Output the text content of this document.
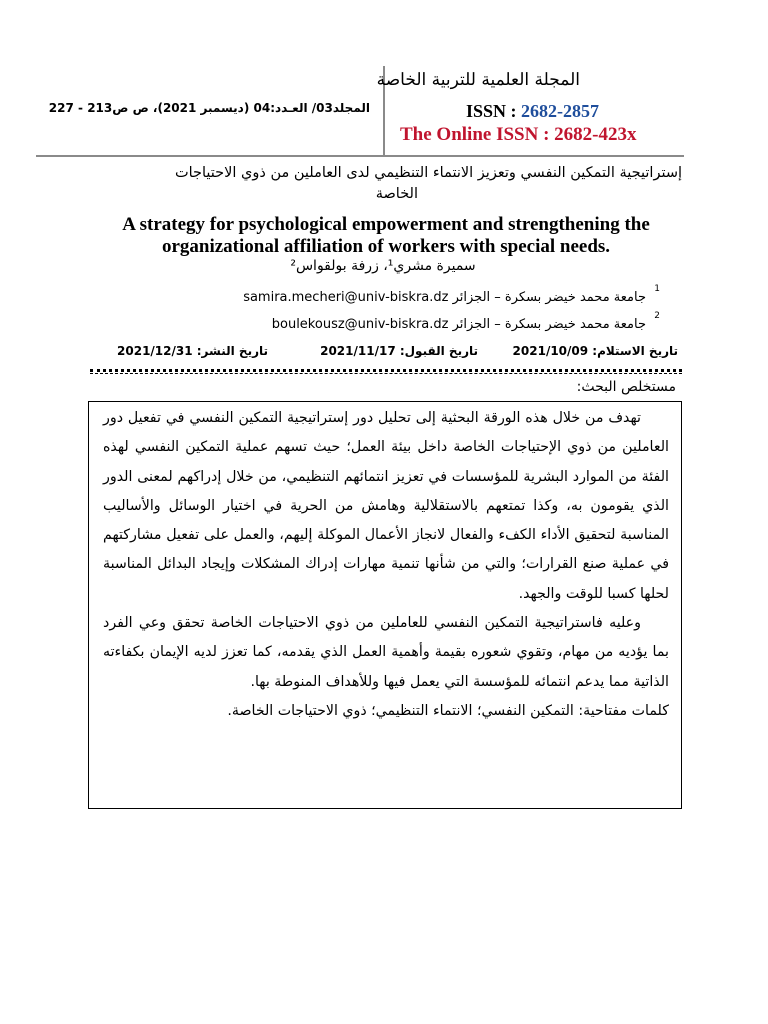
المجلة العلمية للتربية الخاصة
ISSN : 2682-2857
The Online ISSN : 2682-423x
المجلد03/ العـدد:04 (ديسمبر 2021)، ص ص213 - 227
إستراتيجية التمكين النفسي وتعزيز الانتماء التنظيمي لدى العاملين من ذوي الاحتياجات
الخاصة
A strategy for psychological empowerment and strengthening the organizational affiliation of workers with special needs.
سميرة مشري¹، زرفة بولقواس²
1
جامعة محمد خيضر بسكرة – الجزائر samira.mecheri@univ-biskra.dz
2
جامعة محمد خيضر بسكرة – الجزائر boulekousz@univ-biskra.dz
تاريخ الاستلام: 2021/10/09
تاريخ القبول: 2021/11/17
تاريخ النشر: 2021/12/31
مستخلص البحث:

تهدف من خلال هذه الورقة البحثية إلى تحليل دور إستراتيجية التمكين النفسي في تفعيل دور العاملين من ذوي الإحتياجات الخاصة داخل بيئة العمل؛ حيث تسهم عملية التمكين النفسي لهذه الفئة من الموارد البشرية للمؤسسات في تعزيز انتمائهم التنظيمي، من خلال إدراكهم لمعنى الدور الذي يقومون به، وكذا تمتعهم بالاستقلالية وهامش من الحرية في اختيار الوسائل والأساليب المناسبة لتحقيق الأداء الكفء والفعال لانجاز الأعمال الموكلة إليهم، والعمل على تفعيل مشاركتهم في عملية صنع القرارات؛ والتي من شأنها تنمية مهارات إدراك المشكلات وإيجاد البدائل المناسبة لحلها كسبا للوقت والجهد.

وعليه فاستراتيجية التمكين النفسي للعاملين من ذوي الاحتياجات الخاصة تحقق وعي الفرد بما يؤديه من مهام، وتقوي شعوره بقيمة وأهمية العمل الذي يقدمه، كما تعزز لديه الإيمان بكفاءته الذاتية مما يدعم انتمائه للمؤسسة التي يعمل فيها وللأهداف المنوطة بها.

كلمات مفتاحية: التمكين النفسي؛ الانتماء التنظيمي؛ ذوي الاحتياجات الخاصة.
